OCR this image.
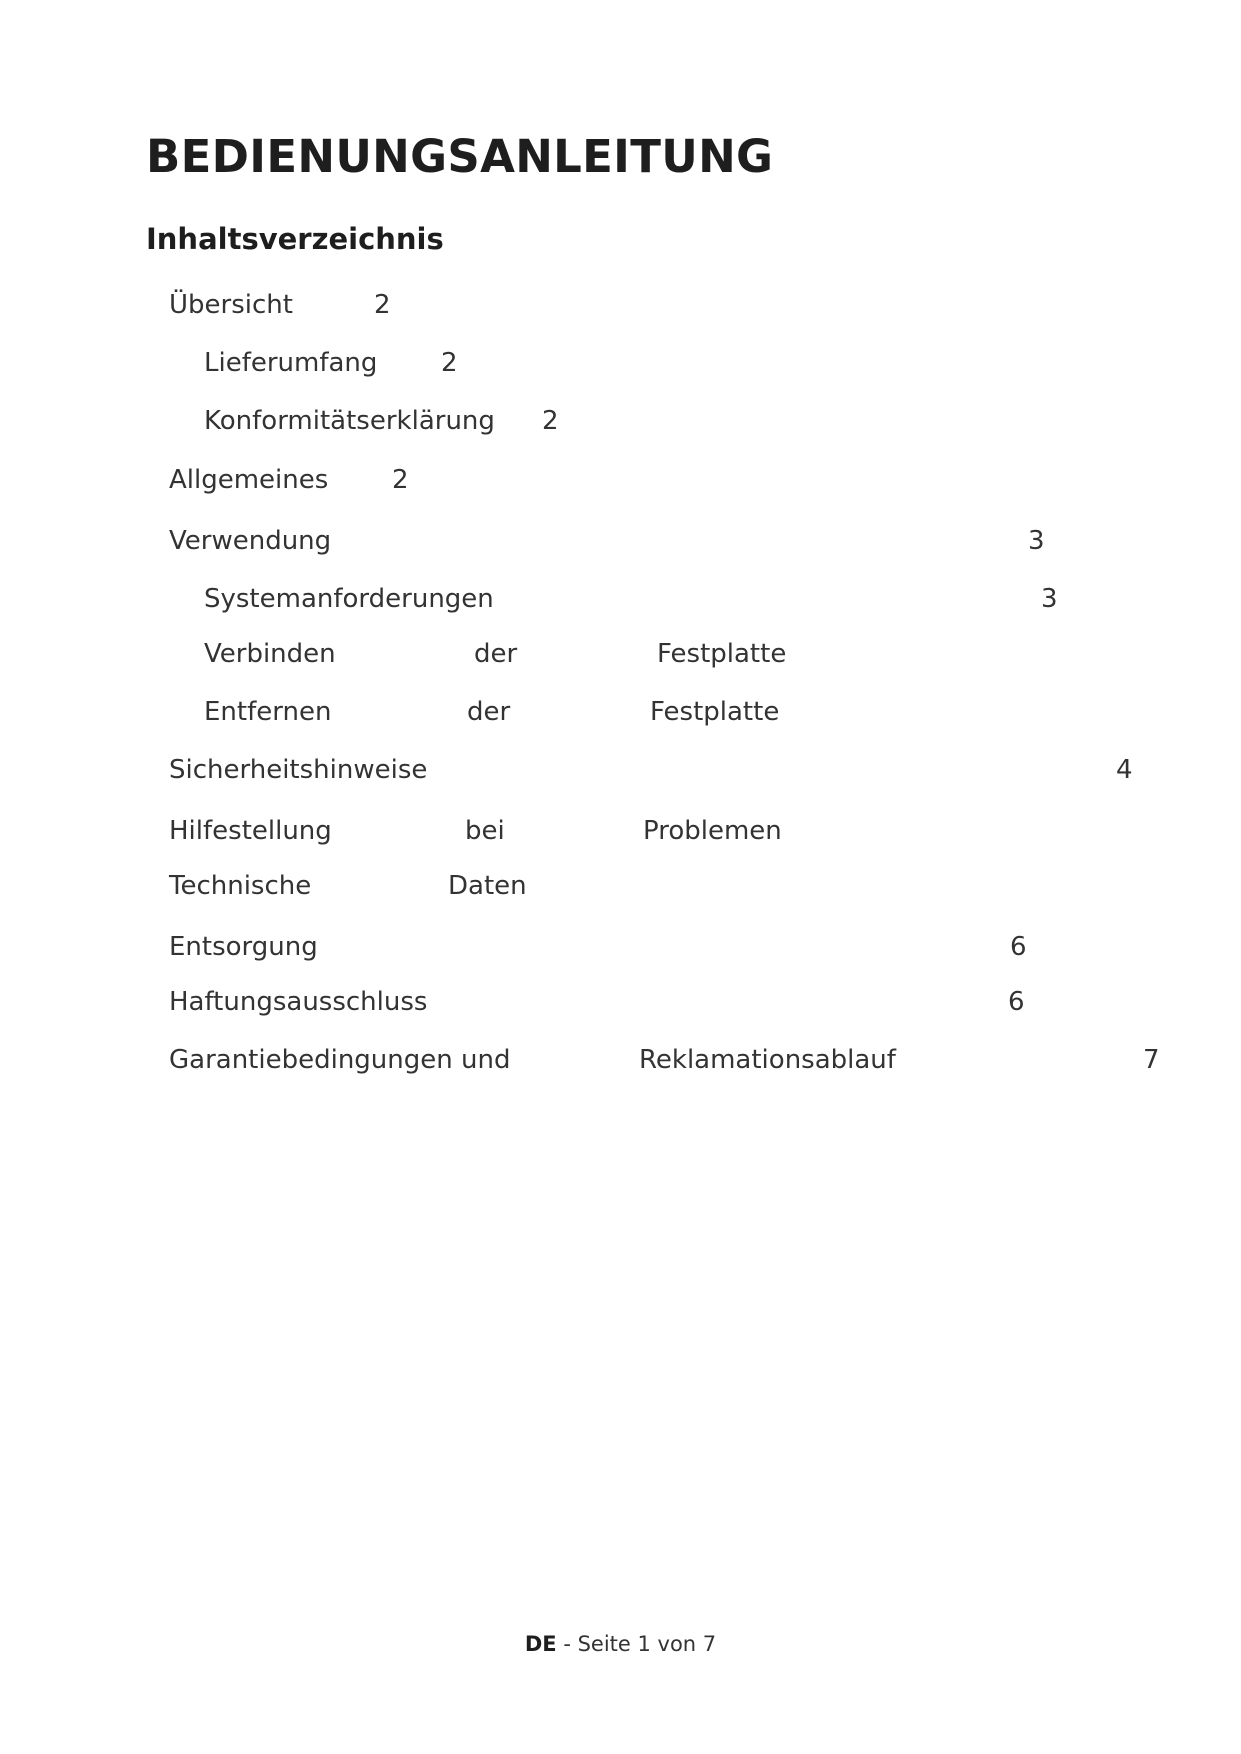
BEDIENUNGSANLEITUNG
Inhaltsverzeichnis
Übersicht	2
Lieferumfang 2
Konformitätserklärung 2
Allgemeines 2
Verwendung	3
Systemanforderungen	3
Verbinden	der	Festplatte
Entfernen	der	Festplatte
Sicherheitshinweise	4
Hilfestellung	bei	Problemen
Technische	Daten
Entsorgung	6
Haftungsausschluss	6
Garantiebedingungen und	Reklamationsablauf	7
DE - Seite 1 von 7
